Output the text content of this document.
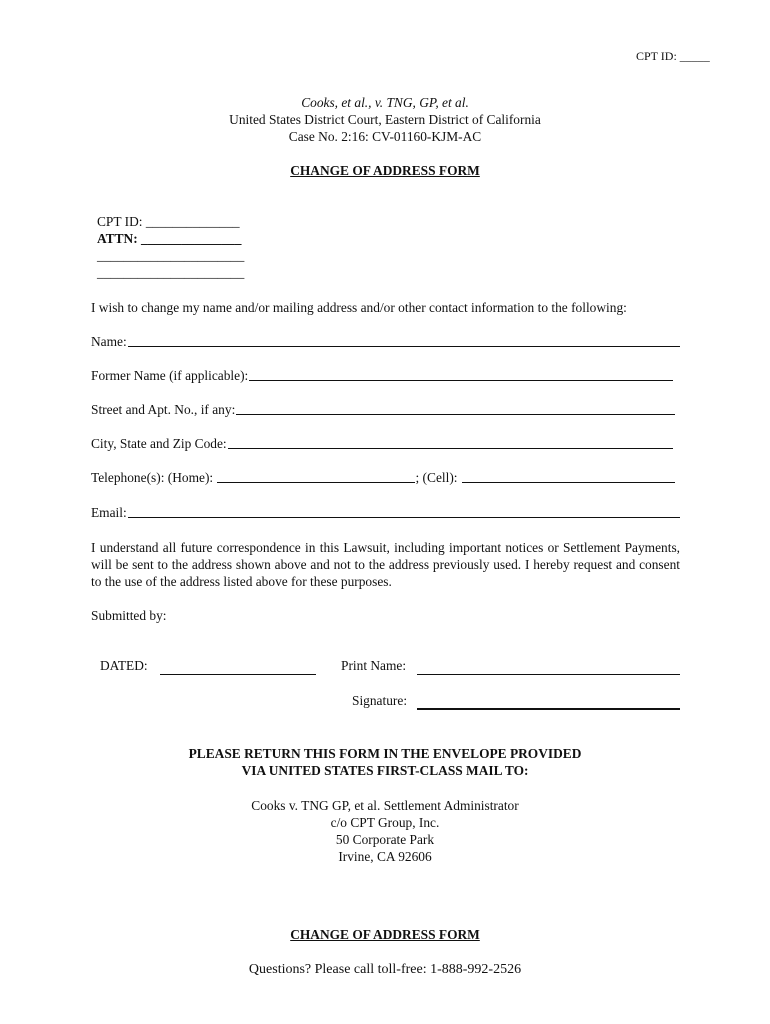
CPT ID: _____
Cooks, et al., v. TNG, GP, et al.
United States District Court, Eastern District of California
Case No. 2:16: CV-01160-KJM-AC
CHANGE OF ADDRESS FORM
CPT ID: ______________
ATTN: _______________
______________________
______________________
I wish to change my name and/or mailing address and/or other contact information to the following:
Name:
Former Name (if applicable):
Street and Apt. No., if any:
City, State and Zip Code:
Telephone(s): (Home):	; (Cell):
Email:
I understand all future correspondence in this Lawsuit, including important notices or Settlement Payments, will be sent to the address shown above and not to the address previously used. I hereby request and consent to the use of the address listed above for these purposes.
Submitted by:
DATED:	Print Name:
Signature:
PLEASE RETURN THIS FORM IN THE ENVELOPE PROVIDED
VIA UNITED STATES FIRST-CLASS MAIL TO:
Cooks v. TNG GP, et al. Settlement Administrator
c/o CPT Group, Inc.
50 Corporate Park
Irvine, CA 92606
CHANGE OF ADDRESS FORM
Questions? Please call toll-free: 1-888-992-2526
